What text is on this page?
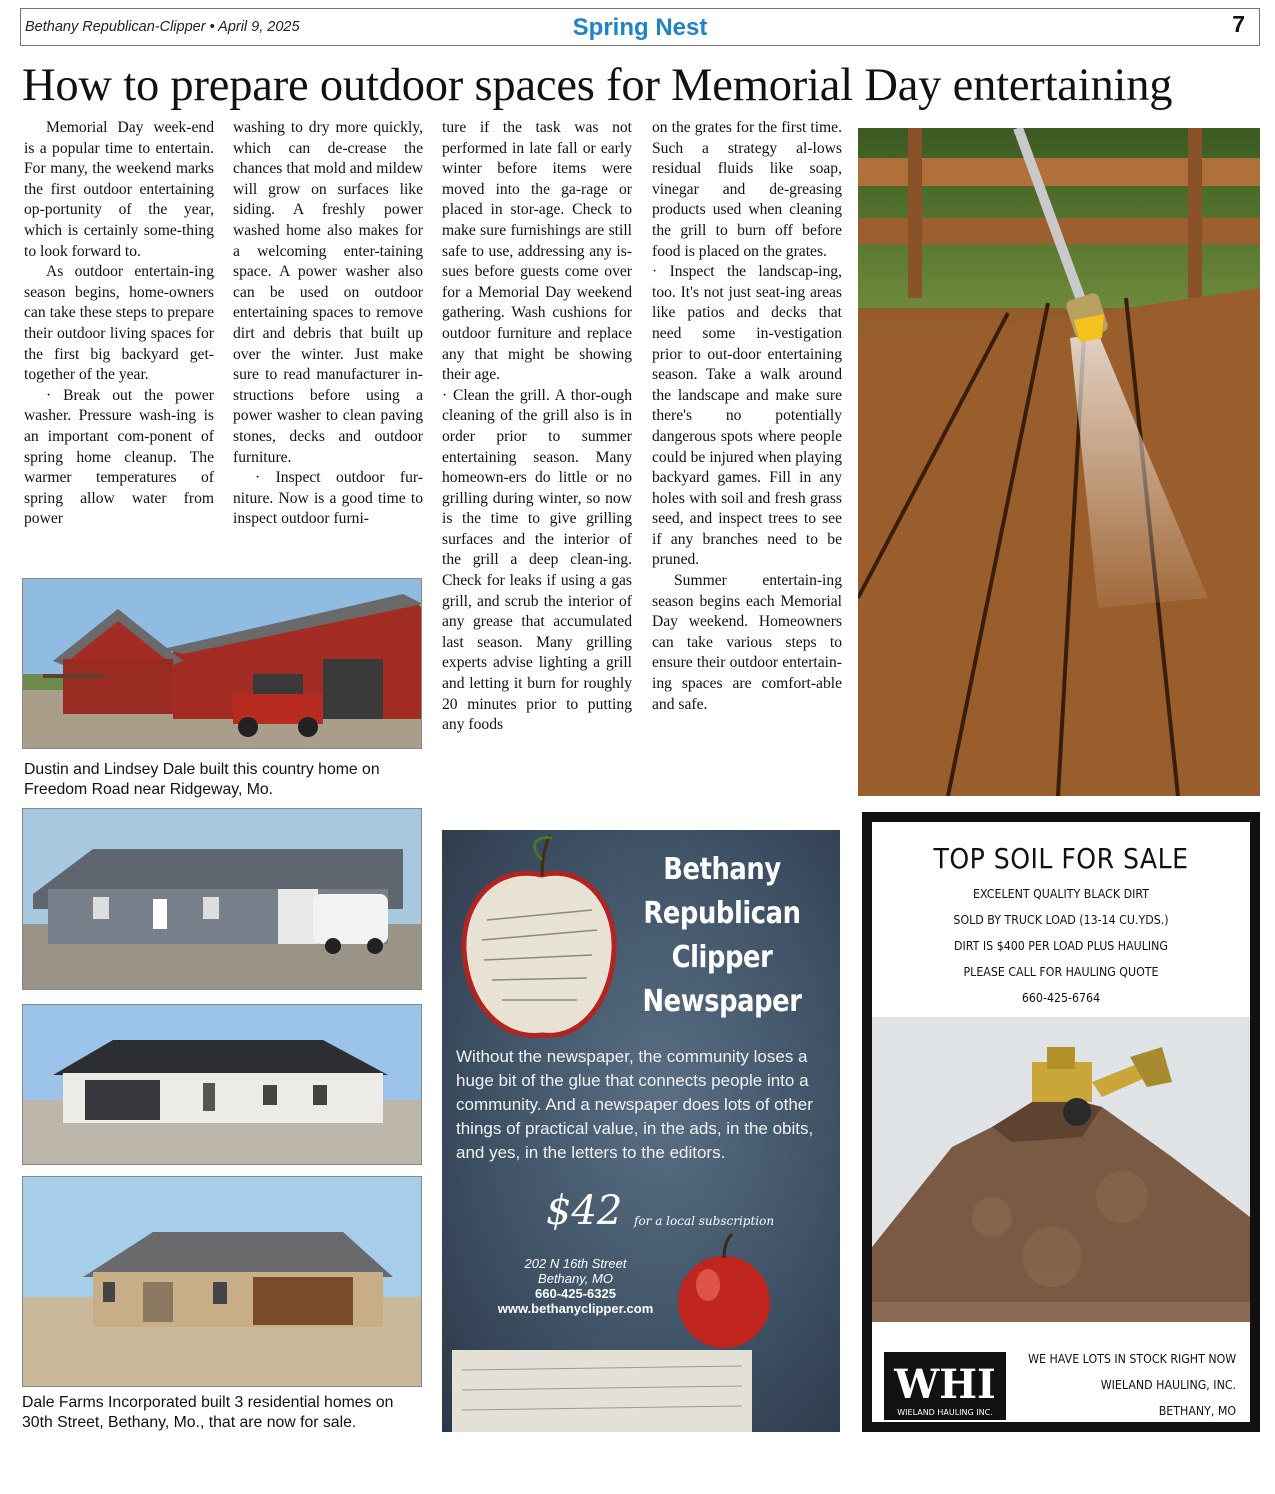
Bethany Republican-Clipper • April 9, 2025	Spring Nest	7
How to prepare outdoor spaces for Memorial Day entertaining

Memorial Day week-end is a popular time to entertain. For many, the weekend marks the first outdoor entertaining op-portunity of the year, which is certainly some-thing to look forward to.

As outdoor entertain-ing season begins, home-owners can take these steps to prepare their outdoor living spaces for the first big backyard get-together of the year.

· Break out the power washer. Pressure wash-ing is an important com-ponent of spring home cleanup. The warmer temperatures of spring allow water from power

washing to dry more quickly, which can de-crease the chances that mold and mildew will grow on surfaces like siding. A freshly power washed home also makes for a welcoming enter-taining space. A power washer also can be used on outdoor entertaining spaces to remove dirt and debris that built up over the winter. Just make sure to read manufacturer in-structions before using a power washer to clean paving stones, decks and outdoor furniture.

· Inspect outdoor fur-niture. Now is a good time to inspect outdoor furni-

ture if the task was not performed in late fall or early winter before items were moved into the ga-rage or placed in stor-age. Check to make sure furnishings are still safe to use, addressing any is-sues before guests come over for a Memorial Day weekend gathering. Wash cushions for outdoor furniture and replace any that might be showing their age.

· Clean the grill. A thor-ough cleaning of the grill also is in order prior to summer entertaining season. Many homeown-ers do little or no grilling during winter, so now is the time to give grilling surfaces and the interior of the grill a deep clean-ing. Check for leaks if using a gas grill, and scrub the interior of any grease that accumulated last season. Many grilling experts advise lighting a grill and letting it burn for roughly 20 minutes prior to putting any foods

on the grates for the first time. Such a strategy al-lows residual fluids like soap, vinegar and de-greasing products used when cleaning the grill to burn off before food is placed on the grates.

· Inspect the landscap-ing, too. It's not just seat-ing areas like patios and decks that need some in-vestigation prior to out-door entertaining season. Take a walk around the landscape and make sure there's no potentially dangerous spots where people could be injured when playing backyard games. Fill in any holes with soil and fresh grass seed, and inspect trees to see if any branches need to be pruned.

Summer entertain-ing season begins each Memorial Day weekend. Homeowners can take various steps to ensure their outdoor entertain-ing spaces are comfort-able and safe.

Dustin and Lindsey Dale built this country home on Freedom Road near Ridgeway, Mo.
Dale Farms Incorporated built 3 residential homes on 30th Street, Bethany, Mo., that are now for sale.
Bethany
Republican
Clipper
Newspaper
Without the newspaper, the community loses a huge bit of the glue that connects people into a community. And a newspaper does lots of other things of practical value, in the ads, in the obits, and yes, in the letters to the editors.
$42 for a local subscription
202 N 16th Street
Bethany, MO
660-425-6325
www.bethanyclipper.com
TOP SOIL FOR SALE
EXCELENT QUALITY BLACK DIRT
SOLD BY TRUCK LOAD (13-14 CU.YDS.)
DIRT IS $400 PER LOAD PLUS HAULING
PLEASE CALL FOR HAULING QUOTE
660-425-6764
WHI
WIELAND HAULING INC.
WE HAVE LOTS IN STOCK RIGHT NOW
WIELAND HAULING, INC.
BETHANY, MO
